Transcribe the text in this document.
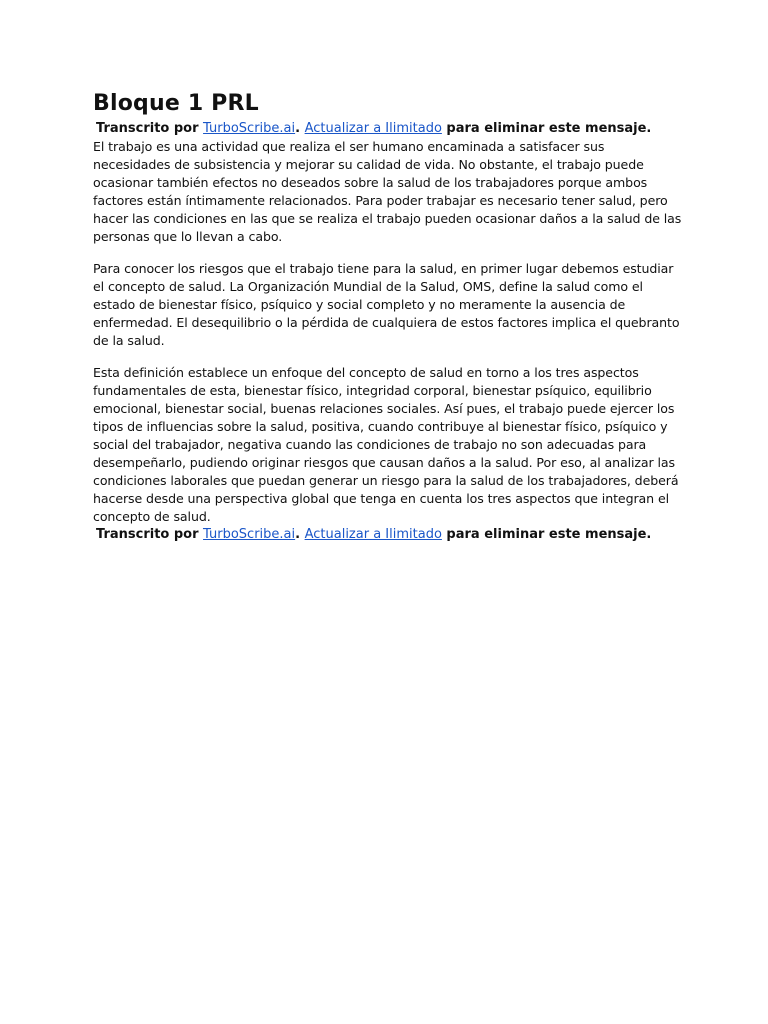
Bloque 1 PRL

Transcrito por TurboScribe.ai. Actualizar a Ilimitado para eliminar este mensaje.

El trabajo es una actividad que realiza el ser humano encaminada a satisfacer sus necesidades de subsistencia y mejorar su calidad de vida. No obstante, el trabajo puede ocasionar también efectos no deseados sobre la salud de los trabajadores porque ambos factores están íntimamente relacionados. Para poder trabajar es necesario tener salud, pero hacer las condiciones en las que se realiza el trabajo pueden ocasionar daños a la salud de las personas que lo llevan a cabo.

Para conocer los riesgos que el trabajo tiene para la salud, en primer lugar debemos estudiar el concepto de salud. La Organización Mundial de la Salud, OMS, define la salud como el estado de bienestar físico, psíquico y social completo y no meramente la ausencia de enfermedad. El desequilibrio o la pérdida de cualquiera de estos factores implica el quebranto de la salud.

Esta definición establece un enfoque del concepto de salud en torno a los tres aspectos fundamentales de esta, bienestar físico, integridad corporal, bienestar psíquico, equilibrio emocional, bienestar social, buenas relaciones sociales. Así pues, el trabajo puede ejercer los tipos de influencias sobre la salud, positiva, cuando contribuye al bienestar físico, psíquico y social del trabajador, negativa cuando las condiciones de trabajo no son adecuadas para desempeñarlo, pudiendo originar riesgos que causan daños a la salud. Por eso, al analizar las condiciones laborales que puedan generar un riesgo para la salud de los trabajadores, deberá hacerse desde una perspectiva global que tenga en cuenta los tres aspectos que integran el concepto de salud.

Transcrito por TurboScribe.ai. Actualizar a Ilimitado para eliminar este mensaje.
